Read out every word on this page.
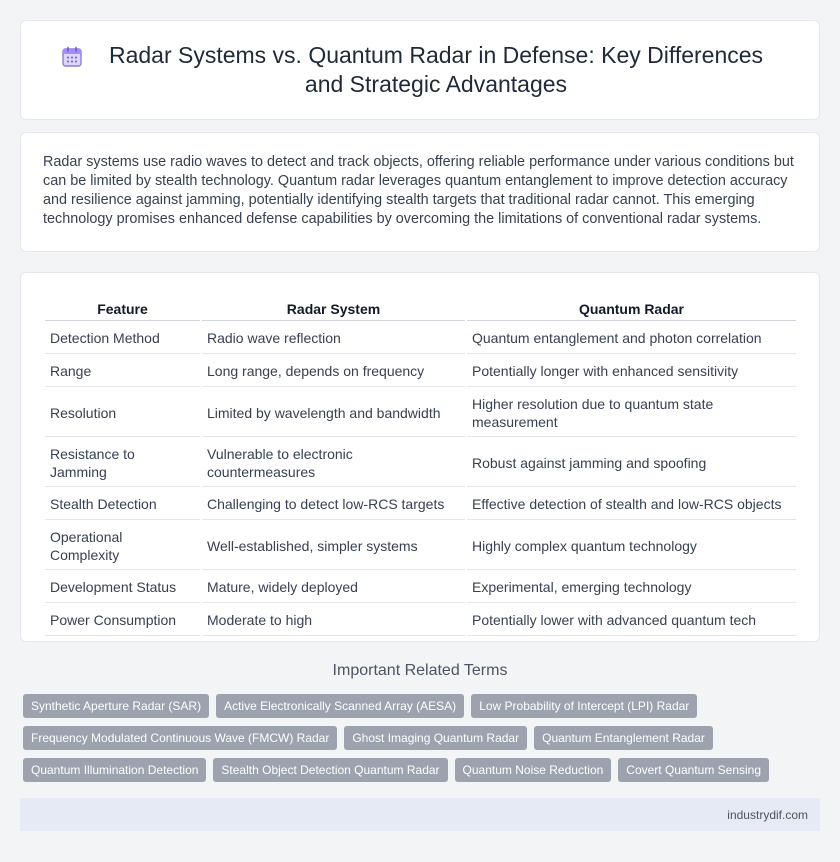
Radar Systems vs. Quantum Radar in Defense: Key Differences and Strategic Advantages

Radar systems use radio waves to detect and track objects, offering reliable performance under various conditions but can be limited by stealth technology. Quantum radar leverages quantum entanglement to improve detection accuracy and resilience against jamming, potentially identifying stealth targets that traditional radar cannot. This emerging technology promises enhanced defense capabilities by overcoming the limitations of conventional radar systems.

Feature	Radar System	Quantum Radar
Detection Method	Radio wave reflection	Quantum entanglement and photon correlation
Range	Long range, depends on frequency	Potentially longer with enhanced sensitivity
Resolution	Limited by wavelength and bandwidth	Higher resolution due to quantum state measurement
Resistance to Jamming	Vulnerable to electronic countermeasures	Robust against jamming and spoofing
Stealth Detection	Challenging to detect low-RCS targets	Effective detection of stealth and low-RCS objects
Operational Complexity	Well-established, simpler systems	Highly complex quantum technology
Development Status	Mature, widely deployed	Experimental, emerging technology
Power Consumption	Moderate to high	Potentially lower with advanced quantum tech
Important Related Terms
Synthetic Aperture Radar (SAR)	Active Electronically Scanned Array (AESA)	Low Probability of Intercept (LPI) Radar
Frequency Modulated Continuous Wave (FMCW) Radar	Ghost Imaging Quantum Radar	Quantum Entanglement Radar
Quantum Illumination Detection	Stealth Object Detection Quantum Radar	Quantum Noise Reduction	Covert Quantum Sensing
industrydif.com
